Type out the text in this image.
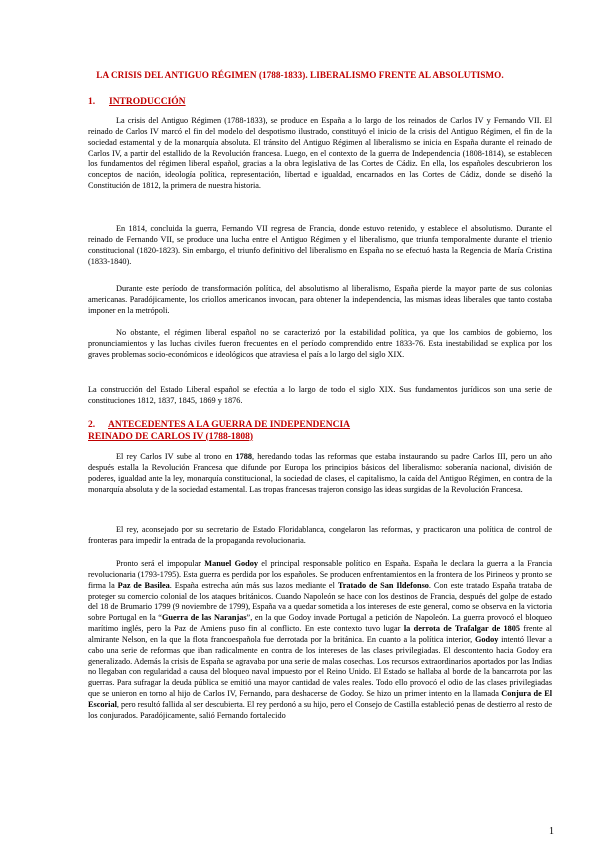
LA CRISIS DEL ANTIGUO RÉGIMEN (1788-1833). LIBERALISMO FRENTE AL ABSOLUTISMO.
1. INTRODUCCIÓN
La crisis del Antiguo Régimen (1788-1833), se produce en España a lo largo de los reinados de Carlos IV y Fernando VII. El reinado de Carlos IV marcó el fin del modelo del despotismo ilustrado, constituyó el inicio de la crisis del Antiguo Régimen, el fin de la sociedad estamental y de la monarquía absoluta. El tránsito del Antiguo Régimen al liberalismo se inicia en España durante el reinado de Carlos IV, a partir del estallido de la Revolución francesa. Luego, en el contexto de la guerra de Independencia (1808-1814), se establecen los fundamentos del régimen liberal español, gracias a la obra legislativa de las Cortes de Cádiz. En ella, los españoles descubrieron los conceptos de nación, ideología política, representación, libertad e igualdad, encarnados en las Cortes de Cádiz, donde se diseñó la Constitución de 1812, la primera de nuestra historia.
En 1814, concluida la guerra, Fernando VII regresa de Francia, donde estuvo retenido, y establece el absolutismo. Durante el reinado de Fernando VII, se produce una lucha entre el Antiguo Régimen y el liberalismo, que triunfa temporalmente durante el trienio constitucional (1820-1823). Sin embargo, el triunfo definitivo del liberalismo en España no se efectuó hasta la Regencia de María Cristina (1833-1840).
Durante este período de transformación política, del absolutismo al liberalismo, España pierde la mayor parte de sus colonias americanas. Paradójicamente, los criollos americanos invocan, para obtener la independencia, las mismas ideas liberales que tanto costaba imponer en la metrópoli.
No obstante, el régimen liberal español no se caracterizó por la estabilidad política, ya que los cambios de gobierno, los pronunciamientos y las luchas civiles fueron frecuentes en el período comprendido entre 1833-76. Esta inestabilidad se explica por los graves problemas socio-económicos e ideológicos que atraviesa el país a lo largo del siglo XIX.
La construcción del Estado Liberal español se efectúa a lo largo de todo el siglo XIX. Sus fundamentos jurídicos son una serie de constituciones 1812, 1837, 1845, 1869 y 1876.
2. ANTECEDENTES A LA GUERRA DE INDEPENDENCIA
REINADO DE CARLOS IV (1788-1808)
El rey Carlos IV sube al trono en 1788, heredando todas las reformas que estaba instaurando su padre Carlos III, pero un año después estalla la Revolución Francesa que difunde por Europa los principios básicos del liberalismo: soberanía nacional, división de poderes, igualdad ante la ley, monarquía constitucional, la sociedad de clases, el capitalismo, la caída del Antiguo Régimen, en contra de la monarquía absoluta y de la sociedad estamental. Las tropas francesas trajeron consigo las ideas surgidas de la Revolución Francesa.
El rey, aconsejado por su secretario de Estado Floridablanca, congelaron las reformas, y practicaron una política de control de fronteras para impedir la entrada de la propaganda revolucionaria.
Pronto será el impopular Manuel Godoy el principal responsable político en España. España le declara la guerra a la Francia revolucionaria (1793-1795). Esta guerra es perdida por los españoles. Se producen enfrentamientos en la frontera de los Pirineos y pronto se firma la Paz de Basilea. España estrecha aún más sus lazos mediante el Tratado de San Ildefonso. Con este tratado España trataba de proteger su comercio colonial de los ataques británicos. Cuando Napoleón se hace con los destinos de Francia, después del golpe de estado del 18 de Brumario 1799 (9 noviembre de 1799), España va a quedar sometida a los intereses de este general, como se observa en la victoria sobre Portugal en la “Guerra de las Naranjas”, en la que Godoy invade Portugal a petición de Napoleón. La guerra provocó el bloqueo marítimo inglés, pero la Paz de Amiens puso fin al conflicto. En este contexto tuvo lugar la derrota de Trafalgar de 1805 frente al almirante Nelson, en la que la flota francoespañola fue derrotada por la británica. En cuanto a la política interior, Godoy intentó llevar a cabo una serie de reformas que iban radicalmente en contra de los intereses de las clases privilegiadas. El descontento hacia Godoy era generalizado. Además la crisis de España se agravaba por una serie de malas cosechas. Los recursos extraordinarios aportados por las Indias no llegaban con regularidad a causa del bloqueo naval impuesto por el Reino Unido. El Estado se hallaba al borde de la bancarrota por las guerras. Para sufragar la deuda pública se emitió una mayor cantidad de vales reales. Todo ello provocó el odio de las clases privilegiadas que se unieron en torno al hijo de Carlos IV, Fernando, para deshacerse de Godoy. Se hizo un primer intento en la llamada Conjura de El Escorial, pero resultó fallida al ser descubierta. El rey perdonó a su hijo, pero el Consejo de Castilla estableció penas de destierro al resto de los conjurados. Paradójicamente, salió Fernando fortalecido
1
